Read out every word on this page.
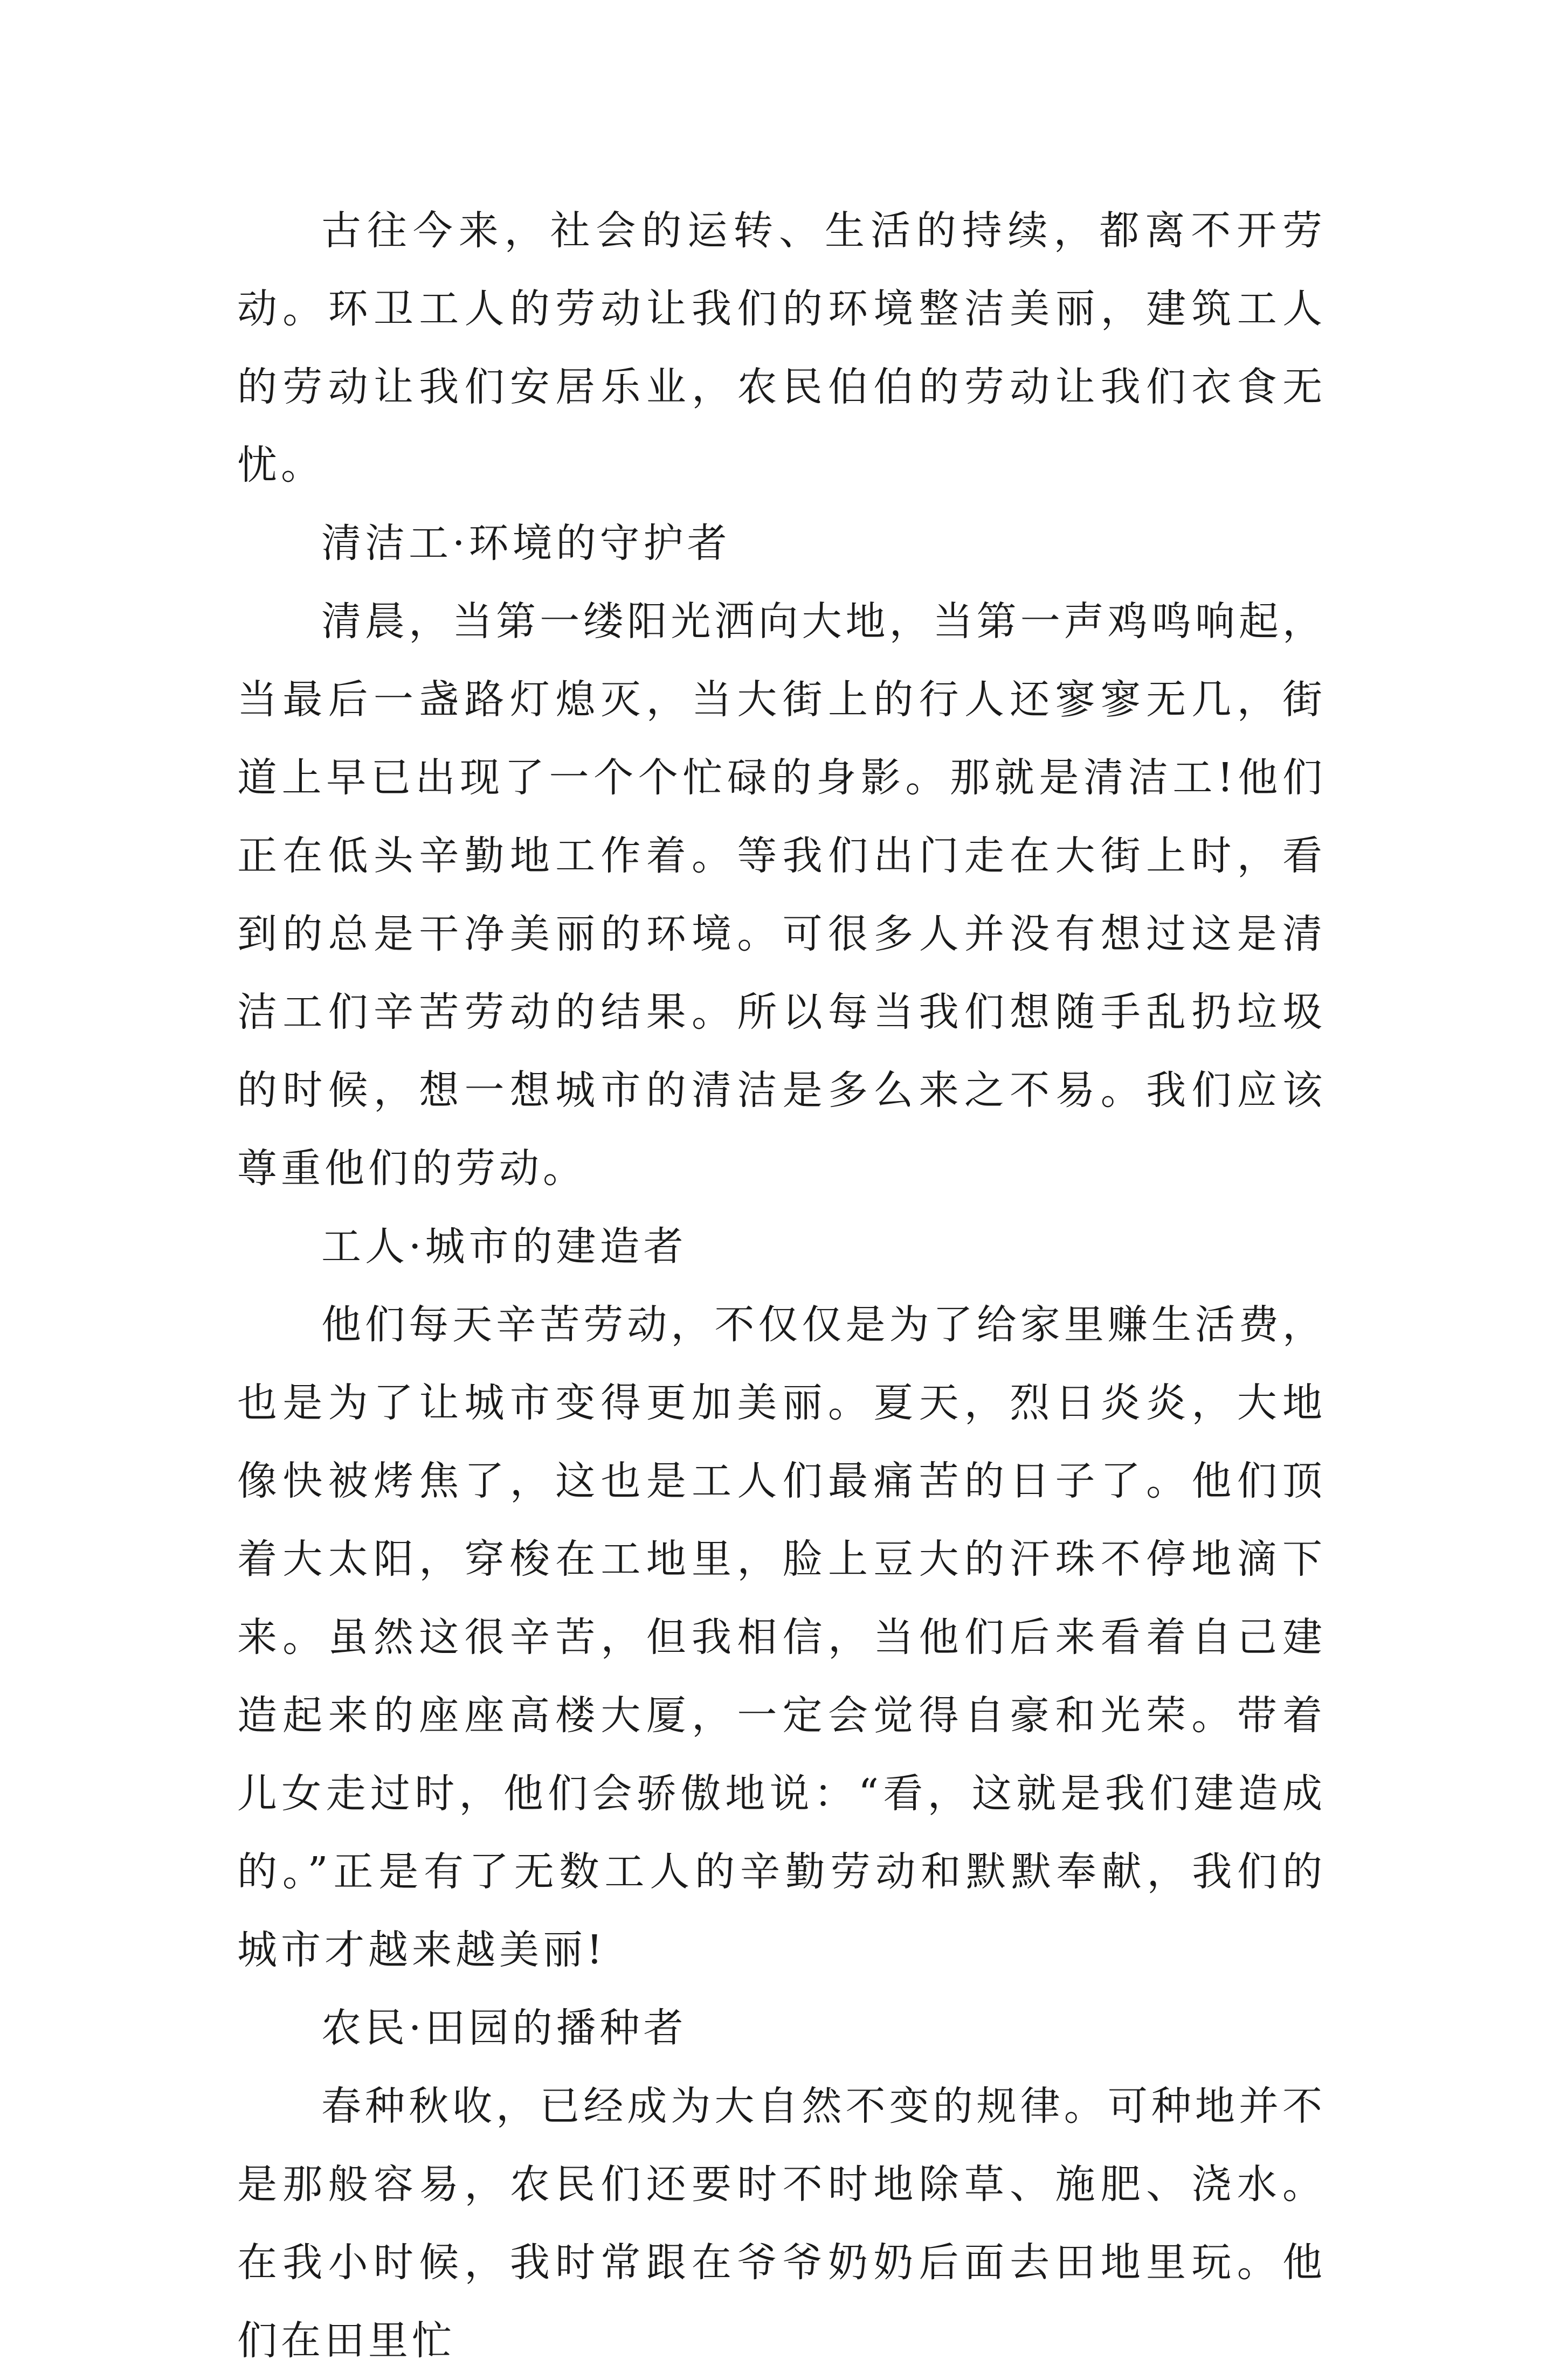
古往今来，社会的运转、生活的持续，都离不开劳动。环卫工人的劳动让我们的环境整洁美丽，建筑工人的劳动让我们安居乐业，农民伯伯的劳动让我们衣食无忧。

清洁工·环境的守护者

清晨，当第一缕阳光洒向大地，当第一声鸡鸣响起，当最后一盏路灯熄灭，当大街上的行人还寥寥无几，街道上早已出现了一个个忙碌的身影。那就是清洁工!他们正在低头辛勤地工作着。等我们出门走在大街上时，看到的总是干净美丽的环境。可很多人并没有想过这是清洁工们辛苦劳动的结果。所以每当我们想随手乱扔垃圾的时候，想一想城市的清洁是多么来之不易。我们应该尊重他们的劳动。

工人·城市的建造者

他们每天辛苦劳动，不仅仅是为了给家里赚生活费，也是为了让城市变得更加美丽。夏天，烈日炎炎，大地像快被烤焦了，这也是工人们最痛苦的日子了。他们顶着大太阳，穿梭在工地里，脸上豆大的汗珠不停地滴下来。虽然这很辛苦，但我相信，当他们后来看着自己建造起来的座座高楼大厦，一定会觉得自豪和光荣。带着儿女走过时，他们会骄傲地说：“看，这就是我们建造成的。”正是有了无数工人的辛勤劳动和默默奉献，我们的城市才越来越美丽!

农民·田园的播种者

春种秋收，已经成为大自然不变的规律。可种地并不是那般容易，农民们还要时不时地除草、施肥、浇水。在我小时候，我时常跟在爷爷奶奶后面去田地里玩。他们在田里忙
